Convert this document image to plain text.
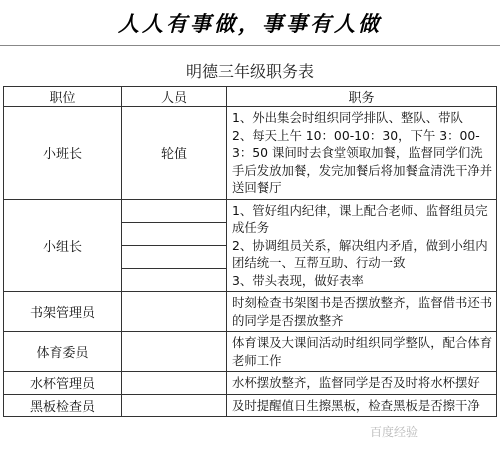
人人有事做，事事有人做
明德三年级职务表
职位	人员	职务
小班长	轮值	1、外出集会时组织同学排队、整队、带队

2、每天上午 10：00-10：30，下午 3：00-3：50 课间时去食堂领取加餐，监督同学们洗手后发放加餐，发完加餐后将加餐盒清洗干净并送回餐厅

小组长		1、管好组内纪律，课上配合老师、监督组员完成任务

2、协调组员关系，解决组内矛盾，做到小组内团结统一、互帮互助、行动一致

3、带头表现，做好表率

书架管理员		时刻检查书架图书是否摆放整齐，监督借书还书的同学是否摆放整齐

体育委员		体育课及大课间活动时组织同学整队，配合体育老师工作

水杯管理员		水杯摆放整齐，监督同学是否及时将水杯摆好

黑板检查员		及时提醒值日生擦黑板，检查黑板是否擦干净

百度经验
